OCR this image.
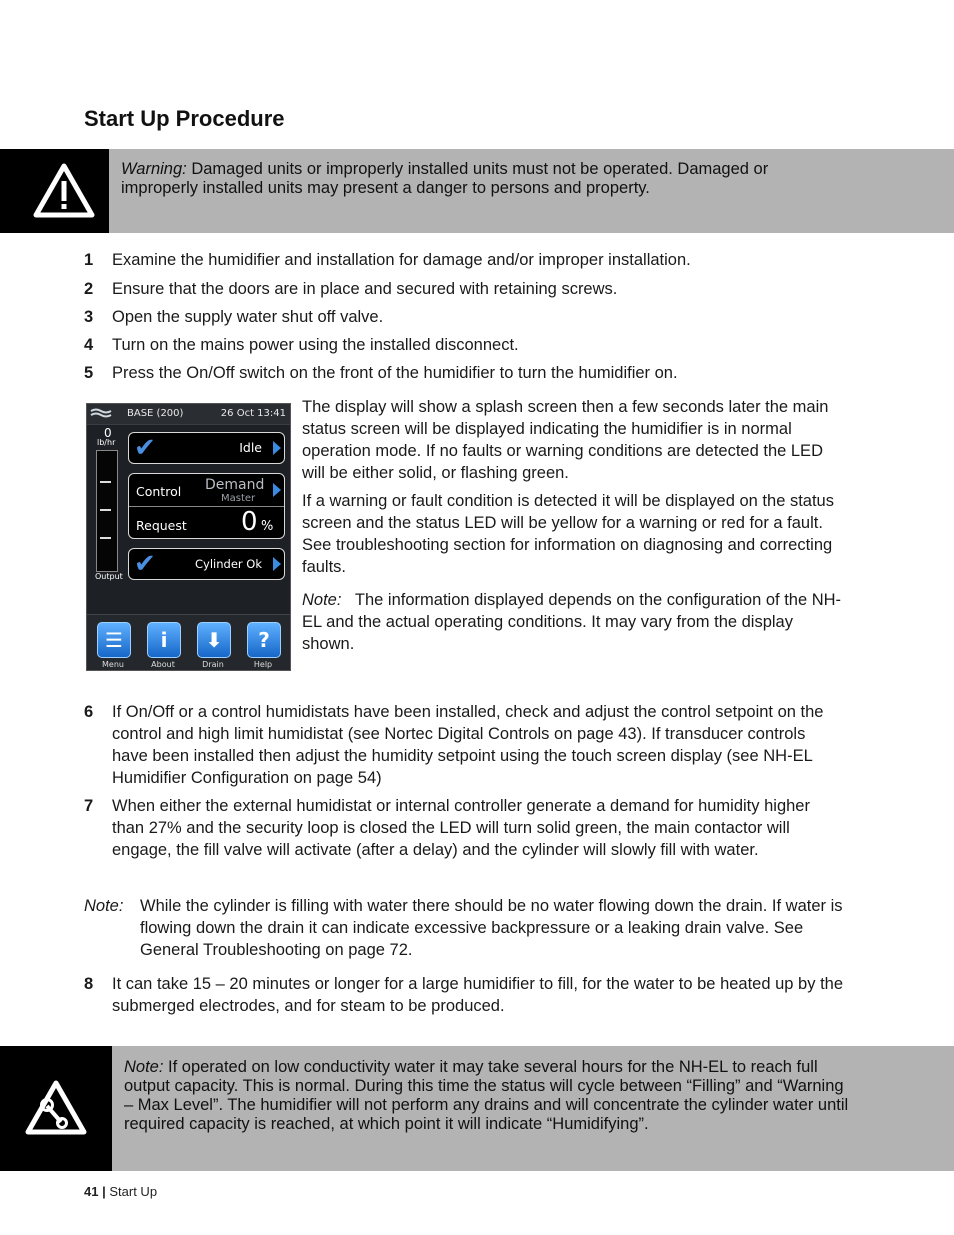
Start Up Procedure
Warning: Damaged units or improperly installed units must not be operated. Damaged or improperly installed units may present a danger to persons and property.
1 Examine the humidifier and installation for damage and/or improper installation.
2 Ensure that the doors are in place and secured with retaining screws.
3 Open the supply water shut off valve.
4 Turn on the mains power using the installed disconnect.
5 Press the On/Off switch on the front of the humidifier to turn the humidifier on.
BASE (200)	26 Oct 13:41
0
lb/hr
Output
✔	Idle
Control Demand
Master
Request 0 %
✔	Cylinder Ok
☰
Menu
i
About
⬇
Drain
?
Help
The display will show a splash screen then a few seconds later the main status screen will be displayed indicating the humidifier is in normal operation mode. If no faults or warning conditions are detected the LED will be either solid, or flashing green.
If a warning or fault condition is detected it will be displayed on the status screen and the status LED will be yellow for a warning or red for a fault. See troubleshooting section for information on diagnosing and correcting faults.
Note: The information displayed depends on the configuration of the NH-EL and the actual operating conditions. It may vary from the display shown.
6 If On/Off or a control humidistats have been installed, check and adjust the control setpoint on the control and high limit humidistat (see Nortec Digital Controls on page 43). If transducer controls have been installed then adjust the humidity setpoint using the touch screen display (see NH-EL Humidifier Configuration on page 54)
7 When either the external humidistat or internal controller generate a demand for humidity higher than 27% and the security loop is closed the LED will turn solid green, the main contactor will engage, the fill valve will activate (after a delay) and the cylinder will slowly fill with water.
Note: While the cylinder is filling with water there should be no water flowing down the drain. If water is flowing down the drain it can indicate excessive backpressure or a leaking drain valve. See General Troubleshooting on page 72.
8 It can take 15 – 20 minutes or longer for a large humidifier to fill, for the water to be heated up by the submerged electrodes, and for steam to be produced.
Note: If operated on low conductivity water it may take several hours for the NH-EL to reach full output capacity. This is normal. During this time the status will cycle between “Filling” and “Warning – Max Level”. The humidifier will not perform any drains and will concentrate the cylinder water until required capacity is reached, at which point it will indicate “Humidifying”.
41 | Start Up
